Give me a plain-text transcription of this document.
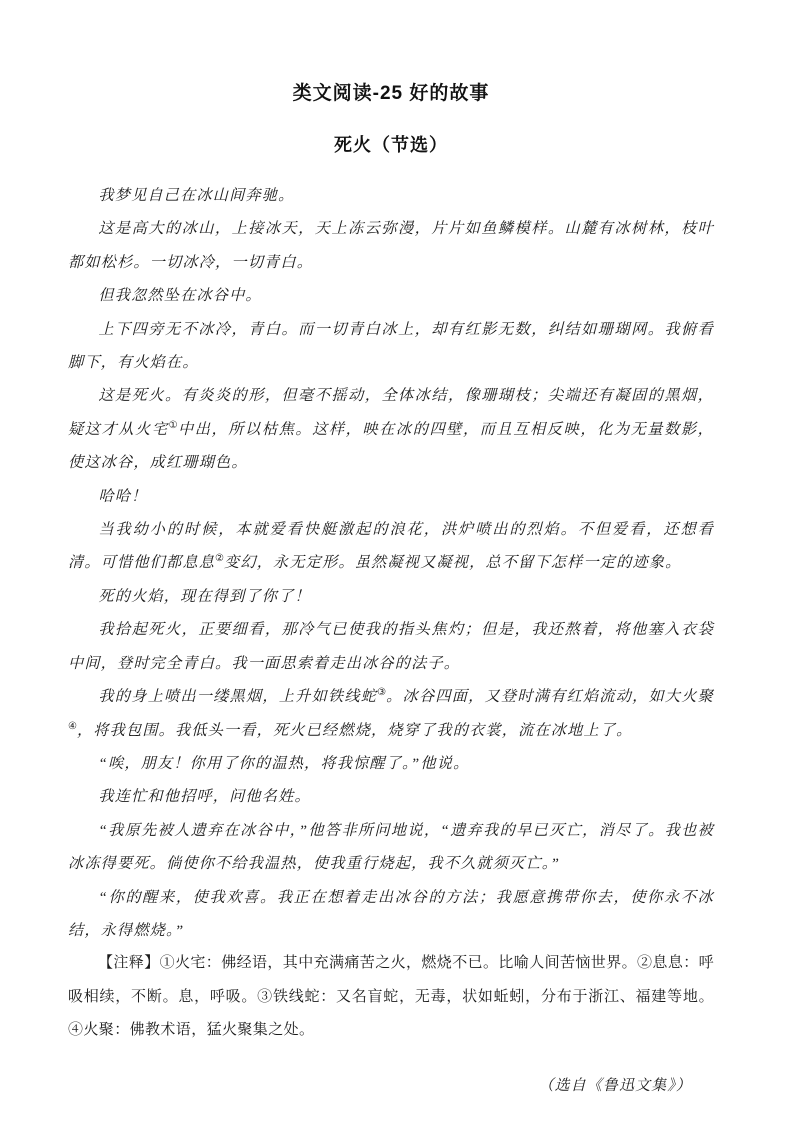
类文阅读-25 好的故事
死火（节选）

我梦见自己在冰山间奔驰。

这是高大的冰山，上接冰天，天上冻云弥漫，片片如鱼鳞模样。山麓有冰树林，枝叶都如松杉。一切冰冷，一切青白。

但我忽然坠在冰谷中。

上下四旁无不冰冷，青白。而一切青白冰上，却有红影无数，纠结如珊瑚网。我俯看脚下，有火焰在。

这是死火。有炎炎的形，但毫不摇动，全体冰结，像珊瑚枝；尖端还有凝固的黑烟，疑这才从火宅①中出，所以枯焦。这样，映在冰的四壁，而且互相反映，化为无量数影，使这冰谷，成红珊瑚色。

哈哈！

当我幼小的时候，本就爱看快艇激起的浪花，洪炉喷出的烈焰。不但爱看，还想看清。可惜他们都息息②变幻，永无定形。虽然凝视又凝视，总不留下怎样一定的迹象。

死的火焰，现在得到了你了！

我拾起死火，正要细看，那冷气已使我的指头焦灼；但是，我还熬着，将他塞入衣袋中间，登时完全青白。我一面思索着走出冰谷的法子。

我的身上喷出一缕黑烟，上升如铁线蛇③。冰谷四面，又登时满有红焰流动，如大火聚④，将我包围。我低头一看，死火已经燃烧，烧穿了我的衣裳，流在冰地上了。

“唉，朋友！你用了你的温热，将我惊醒了。”他说。

我连忙和他招呼，问他名姓。

“我原先被人遗弃在冰谷中，”他答非所问地说，“遗弃我的早已灭亡，消尽了。我也被冰冻得要死。倘使你不给我温热，使我重行烧起，我不久就须灭亡。”

“你的醒来，使我欢喜。我正在想着走出冰谷的方法；我愿意携带你去，使你永不冰结，永得燃烧。”

【注释】①火宅：佛经语，其中充满痛苦之火，燃烧不已。比喻人间苦恼世界。②息息：呼吸相续，不断。息，呼吸。③铁线蛇：又名盲蛇，无毒，状如蚯蚓，分布于浙江、福建等地。④火聚：佛教术语，猛火聚集之处。

（选自《鲁迅文集》）
